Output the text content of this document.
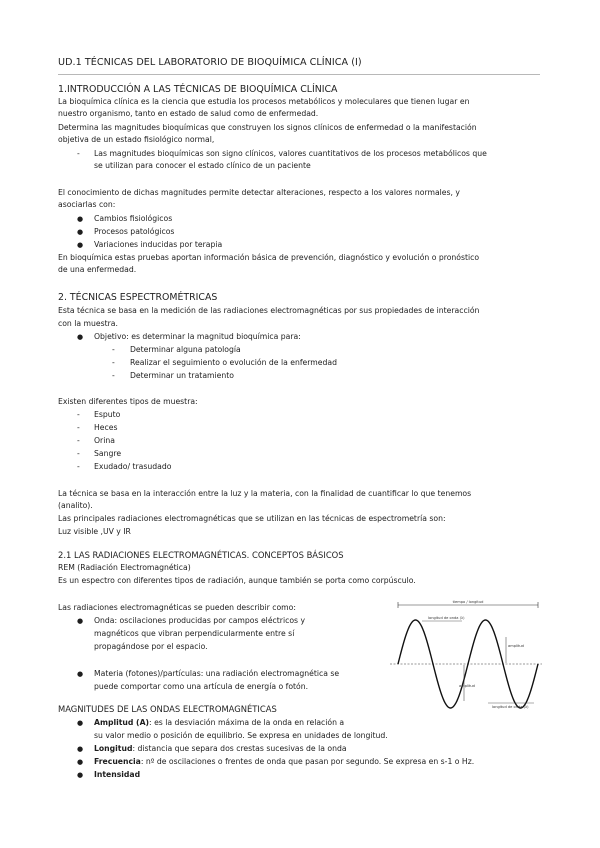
UD.1 TÉCNICAS DEL LABORATORIO DE BIOQUÍMICA CLÍNICA (I)
1.INTRODUCCIÓN A LAS TÉCNICAS DE BIOQUÍMICA CLÍNICA
La bioquímica clínica es la ciencia que estudia los procesos metabólicos y moleculares que tienen lugar en
nuestro organismo, tanto en estado de salud como de enfermedad.
Determina las magnitudes bioquímicas que construyen los signos clínicos de enfermedad o la manifestación
objetiva de un estado fisiológico normal,
- Las magnitudes bioquímicas son signo clínicos, valores cuantitativos de los procesos metabólicos que
se utilizan para conocer el estado clínico de un paciente
El conocimiento de dichas magnitudes permite detectar alteraciones, respecto a los valores normales, y
asociarlas con:
● Cambios fisiológicos
● Procesos patológicos
● Variaciones inducidas por terapia
En bioquímica estas pruebas aportan información básica de prevención, diagnóstico y evolución o pronóstico
de una enfermedad.
2. TÉCNICAS ESPECTROMÉTRICAS
Esta técnica se basa en la medición de las radiaciones electromagnéticas por sus propiedades de interacción
con la muestra.
● Objetivo: es determinar la magnitud bioquímica para:
- Determinar alguna patología
- Realizar el seguimiento o evolución de la enfermedad
- Determinar un tratamiento
Existen diferentes tipos de muestra:
- Esputo
- Heces
- Orina
- Sangre
- Exudado/ trasudado
La técnica se basa en la interacción entre la luz y la materia, con la finalidad de cuantificar lo que tenemos
(analito).
Las principales radiaciones electromagnéticas que se utilizan en las técnicas de espectrometría son:
Luz visible ,UV y IR
2.1 LAS RADIACIONES ELECTROMAGNÉTICAS. CONCEPTOS BÁSICOS
REM (Radiación Electromagnética)
Es un espectro con diferentes tipos de radiación, aunque también se porta como corpúsculo.
Las radiaciones electromagnéticas se pueden describir como:
● Onda: oscilaciones producidas por campos eléctricos y
magnéticos que vibran perpendicularmente entre sí
propagándose por el espacio.
● Materia (fotones)/partículas: una radiación electromagnética se
puede comportar como una artícula de energía o fotón.
MAGNITUDES DE LAS ONDAS ELECTROMAGNÉTICAS
● Amplitud (A): es la desviación máxima de la onda en relación a
su valor medio o posición de equilibrio. Se expresa en unidades de longitud.
● Longitud: distancia que separa dos crestas sucesivas de la onda
● Frecuencia: nº de oscilaciones o frentes de onda que pasan por segundo. Se expresa en s-1 o Hz.
● Intensidad
tiempo / longitud
longitud de onda (λ)
amplitud
amplitud
longitud de onda (λ)
